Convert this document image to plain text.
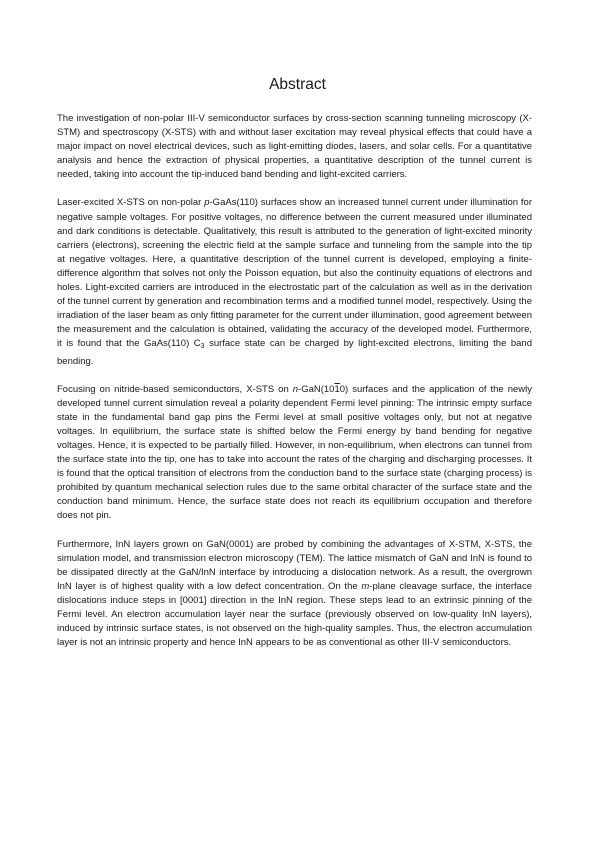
Abstract

The investigation of non-polar III-V semiconductor surfaces by cross-section scanning tunneling microscopy (X-STM) and spectroscopy (X-STS) with and without laser excitation may reveal physical effects that could have a major impact on novel electrical devices, such as light-emitting diodes, lasers, and solar cells. For a quantitative analysis and hence the extraction of physical properties, a quantitative description of the tunnel current is needed, taking into account the tip-induced band bending and light-excited carriers.

Laser-excited X-STS on non-polar p-GaAs(110) surfaces show an increased tunnel current under illumination for negative sample voltages. For positive voltages, no difference between the current measured under illuminated and dark conditions is detectable. Qualitatively, this result is attributed to the generation of light-excited minority carriers (electrons), screening the electric field at the sample surface and tunneling from the sample into the tip at negative voltages. Here, a quantitative description of the tunnel current is developed, employing a finite-difference algorithm that solves not only the Poisson equation, but also the continuity equations of electrons and holes. Light-excited carriers are introduced in the electrostatic part of the calculation as well as in the derivation of the tunnel current by generation and recombination terms and a modified tunnel model, respectively. Using the irradiation of the laser beam as only fitting parameter for the current under illumination, good agreement between the measurement and the calculation is obtained, validating the accuracy of the developed model. Furthermore, it is found that the GaAs(110) $C_3$ surface state can be charged by light-excited electrons, limiting the band bending.

Focusing on nitride-based semiconductors, X-STS on n-GaN(1010) surfaces and the application of the newly developed tunnel current simulation reveal a polarity dependent Fermi level pinning: The intrinsic empty surface state in the fundamental band gap pins the Fermi level at small positive voltages only, but not at negative voltages. In equilibrium, the surface state is shifted below the Fermi energy by band bending for negative voltages. Hence, it is expected to be partially filled. However, in non-equilibrium, when electrons can tunnel from the surface state into the tip, one has to take into account the rates of the charging and discharging processes. It is found that the optical transition of electrons from the conduction band to the surface state (charging process) is prohibited by quantum mechanical selection rules due to the same orbital character of the surface state and the conduction band minimum. Hence, the surface state does not reach its equilibrium occupation and therefore does not pin.

Furthermore, InN layers grown on GaN(0001) are probed by combining the advantages of X-STM, X-STS, the simulation model, and transmission electron microscopy (TEM). The lattice mismatch of GaN and InN is found to be dissipated directly at the GaN/InN interface by introducing a dislocation network. As a result, the overgrown InN layer is of highest quality with a low defect concentration. On the m-plane cleavage surface, the interface dislocations induce steps in [0001] direction in the InN region. These steps lead to an extrinsic pinning of the Fermi level. An electron accumulation layer near the surface (previously observed on low-quality InN layers), induced by intrinsic surface states, is not observed on the high-quality samples. Thus, the electron accumulation layer is not an intrinsic property and hence InN appears to be as conventional as other III-V semiconductors.
